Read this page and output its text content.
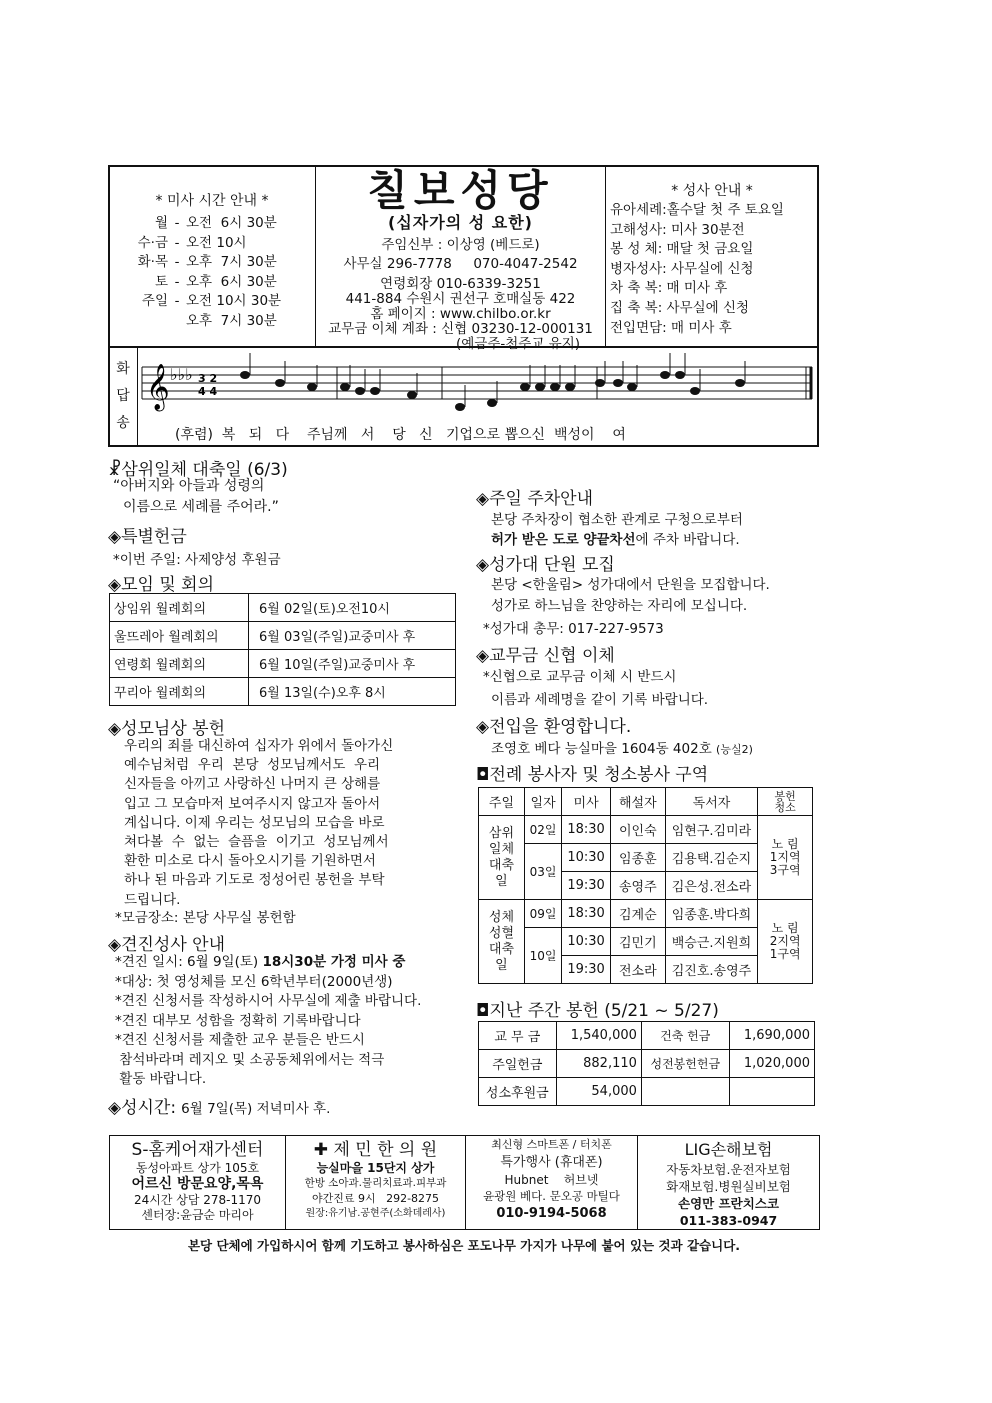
* 미사 시간 안내 *
월 - 오전  6시 30분
수·금 - 오전 10시
화·목 - 오후  7시 30분
토 - 오후  6시 30분
주일 - 오전 10시 30분
오후  7시 30분
칠보성당
(십자가의 성 요한)
주임신부 : 이상영 (베드로)
사무실 296-7778     070-4047-2542
연령회장 010-6339-3251
441-884 수원시 권선구 호매실동 422
홈 페이지 : www.chilbo.or.kr
교무금 이체 계좌 : 신협 03230-12-000131
(예금주-천주교 유지)
* 성사 안내 *
유아세례:홀수달 첫 주 토요일
고해성사: 미사 30분전
봉 성 체: 매달 첫 금요일
병자성사: 사무실에 신청
차 축 복: 매 미사 후
집 축 복: 사무실에 신청
전입면담: 매 미사 후
화
답
송
𝄞 ♭♭♭ 3 2
4 4
(후렴)  복   되   다    주님께   서    당   신   기업으로 뽑으신  백성이    여
☧삼위일체 대축일 (6/3)
“아버지와 아들과 성령의
이름으로 세례를 주어라.”
◈특별헌금
*이번 주일: 사제양성 후원금
◈모임 및 회의
상임위 월례회의	6월 02일(토)오전10시
울뜨레아 월례회의	6월 03일(주일)교중미사 후
연령회 월례회의	6월 10일(주일)교중미사 후
꾸리아 월례회의	6월 13일(수)오후 8시
◈성모님상 봉헌
우리의 죄를 대신하여 십자가 위에서 돌아가신
예수님처럼  우리  본당  성모님께서도  우리
신자들을 아끼고 사랑하신 나머지 큰 상해를
입고 그 모습마저 보여주시지 않고자 돌아서
계십니다. 이제 우리는 성모님의 모습을 바로
쳐다볼  수  없는  슬픔을  이기고  성모님께서
환한 미소로 다시 돌아오시기를 기원하면서
하나 된 마음과 기도로 정성어린 봉헌을 부탁
드립니다.
*모금장소: 본당 사무실 봉헌함
◈견진성사 안내
*견진 일시: 6월 9일(토) 18시30분 가정 미사 중
*대상: 첫 영성체를 모신 6학년부터(2000년생)
*견진 신청서를 작성하시어 사무실에 제출 바랍니다.
*견진 대부모 성함을 정확히 기록바랍니다
*견진 신청서를 제출한 교우 분들은 반드시
참석바라며 레지오 및 소공동체위에서는 적극
활동 바랍니다.
◈성시간: 6월 7일(목) 저녁미사 후.
◈주일 주차안내
본당 주차장이 협소한 관계로 구청으로부터
허가 받은 도로 양끝차선에 주차 바랍니다.
◈성가대 단원 모집
본당 <한울림> 성가대에서 단원을 모집합니다.
성가로 하느님을 찬양하는 자리에 모십니다.
*성가대 총무: 017-227-9573
◈교무금 신협 이체
*신협으로 교무금 이체 시 반드시
이름과 세례명을 같이 기록 바랍니다.
◈전입을 환영합니다.
조영호 베다 능실마을 1604동 402호 (능실2)
◘전례 봉사자 및 청소봉사 구역
주일	일자	미사	해설자	독서자	봉헌
청소
삼위
일체
대축일	02일	18:30	이인숙	임현구.김미라	노 림
1지역
3구역
	03일	10:30	임종훈	김용택.김순지	
		19:30	송영주	김은성.전소라	
성체
성혈
대축일	09일	18:30	김계순	임종훈.박다희	노 림
2지역
1구역
	10일	10:30	김민기	백승근.지원희	
		19:30	전소라	김진호.송영주	
◘지난 주간 봉헌 (5/21 ~ 5/27)
교 무 금	1,540,000	건축 헌금	1,690,000
주일헌금	882,110	성전봉헌헌금	1,020,000
성소후원금	54,000		
S-홈케어재가센터
동성아파트 상가 105호
어르신 방문요양,목욕
24시간 상담 278-1170
센터장:윤금순 마리아
✚ 제 민 한 의 원
능실마을 15단지 상가
한방 소아과.물리치료과.피부과
야간진료 9시   292-8275
원장:유기남.공현주(소화데레사)
최신형 스마트폰 / 터치폰
특가행사 (휴대폰)
Hubnet    허브넷
윤광원 베다. 문오공 마틸다
010-9194-5068
LIG손해보험
자동차보험.운전자보험
화재보험.병원실비보험
손영만 프란치스코
011-383-0947
본당 단체에 가입하시어 함께 기도하고 봉사하심은 포도나무 가지가 나무에 붙어 있는 것과 같습니다.
